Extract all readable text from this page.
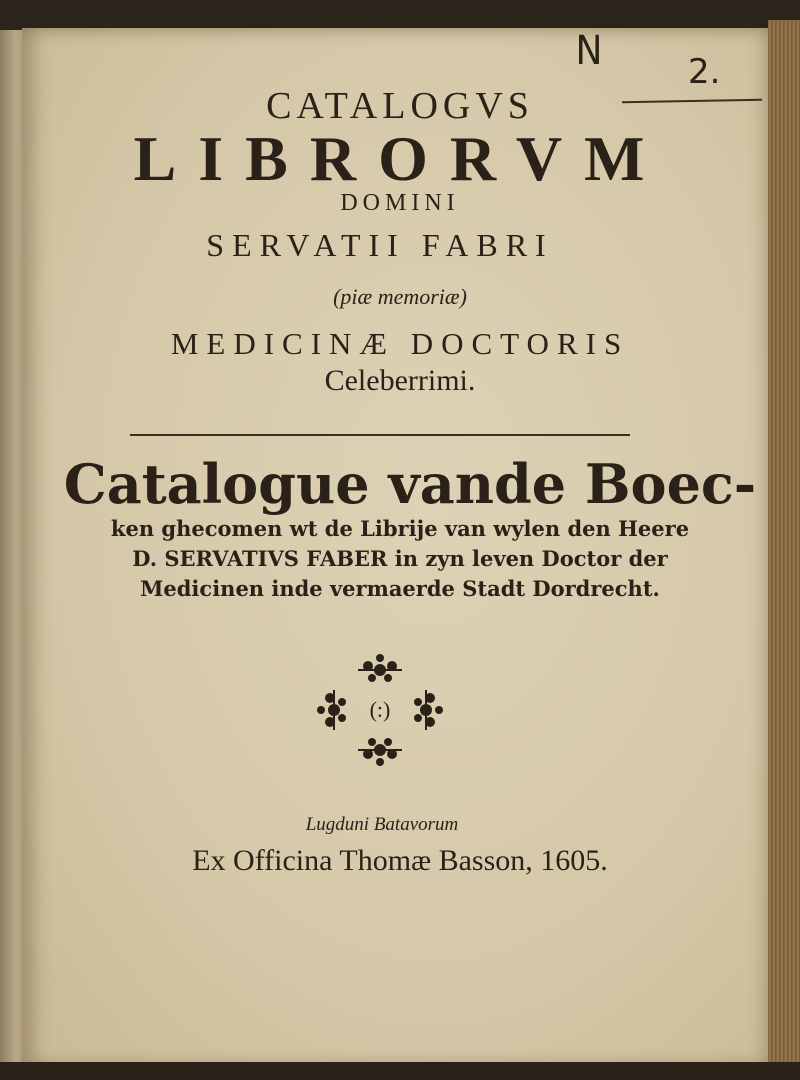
N	2.
CATALOGVS
LIBRORVM
DOMINI
SERVATII FABRI
(piæ memoriæ)
MEDICINÆ DOCTORIS
Celeberrimi.
Catalogue vande Boec-
ken ghecomen wt de Librije van wylen den Heere
D. SERVATIVS FABER in zyn leven Doctor der
Medicinen inde vermaerde Stadt Dordrecht.
(:)
Lugduni Batavorum
Ex Officina Thomæ Basson, 1605.
